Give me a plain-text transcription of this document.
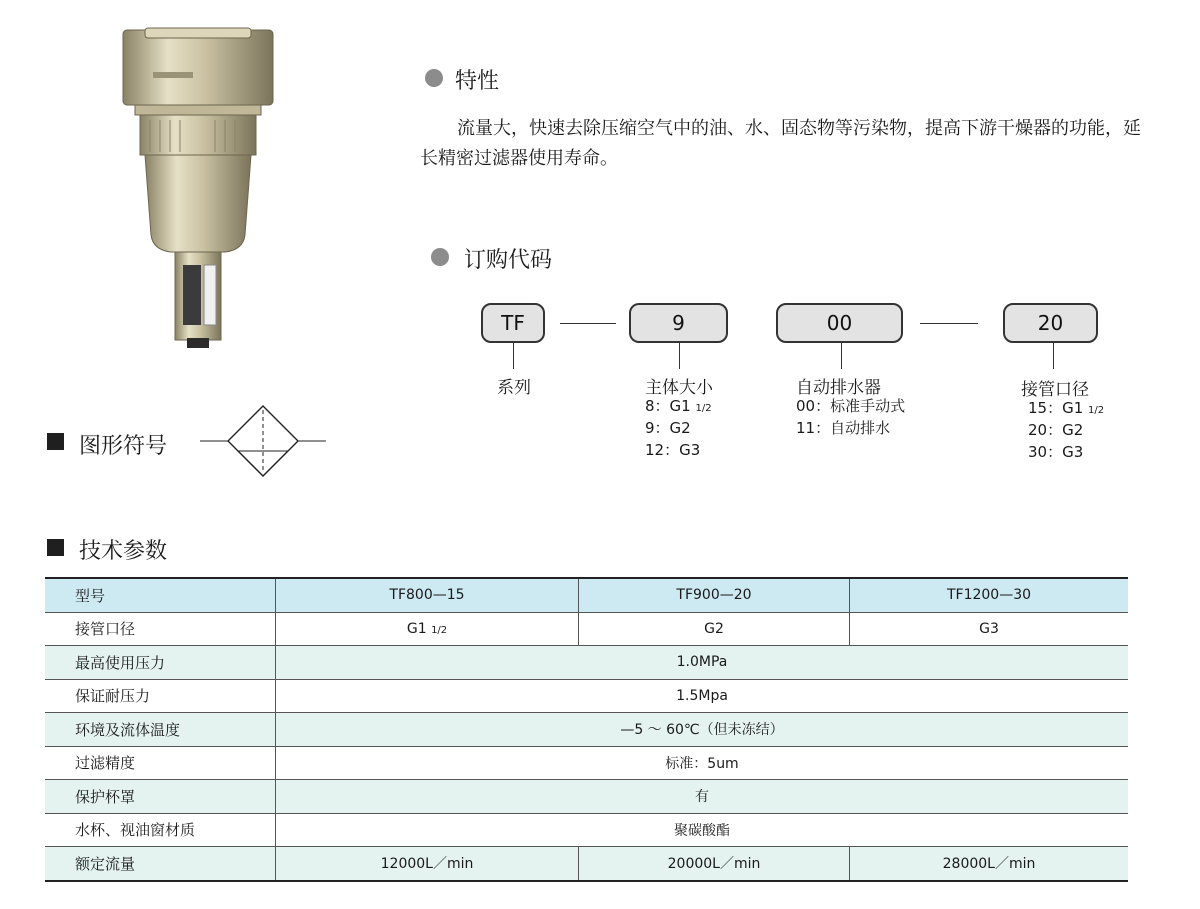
特性
流量大，快速去除压缩空气中的油、水、固态物等污染物，提高下游干燥器的功能，延长精密过滤器使用寿命。
订购代码
TF	9	00	20
系列	主体大小
8：G1 1/2
9：G2
12：G3
自动排水器
00：标准手动式
11：自动排水
接管口径
15：G1 1/2
20：G2
30：G3
图形符号
技术参数
型号	TF800—15	TF900—20	TF1200—30
接管口径	G1 1/2	G2	G3
最高使用压力	1.0MPa		
保证耐压力	1.5Mpa		
环境及流体温度	—5 ～ 60℃（但未冻结）		
过滤精度	标准：5um		
保护杯罩	有		
水杯、视油窗材质	聚碳酸酯		
额定流量	12000L／min	20000L／min	28000L／min
